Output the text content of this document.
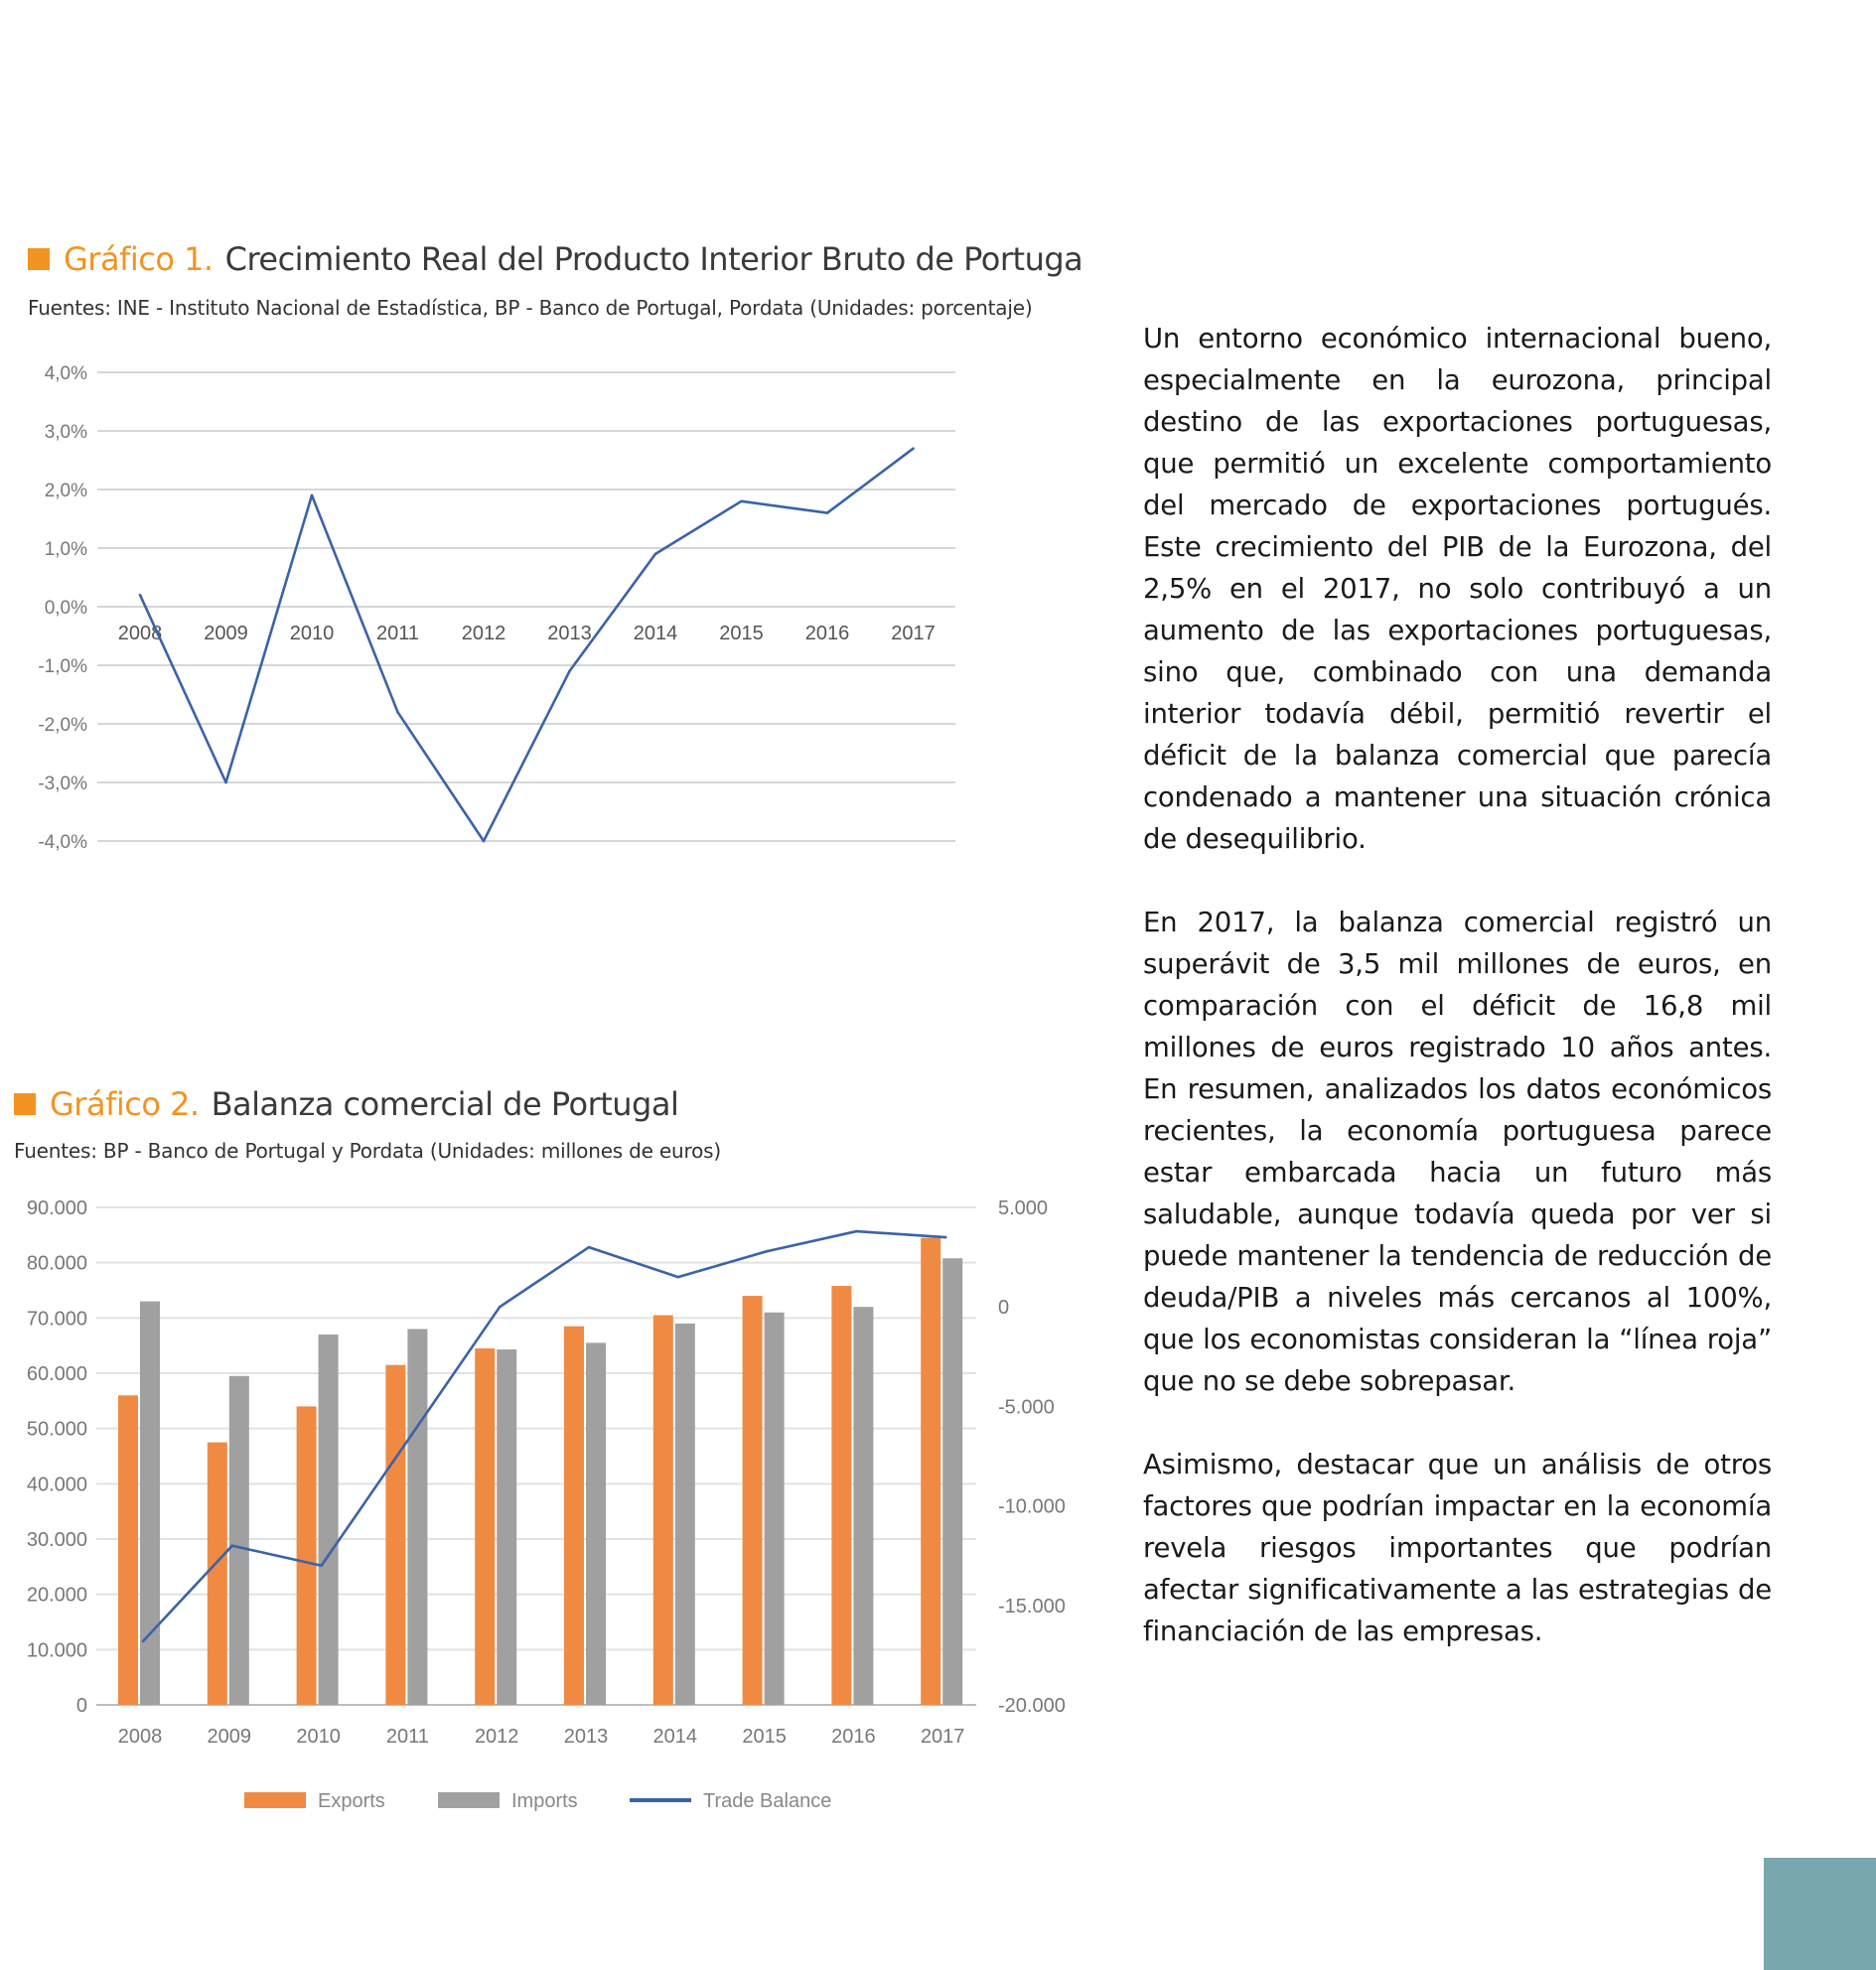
Gráfico 1. Crecimiento Real del Producto Interior Bruto de Portuga
Fuentes: INE - Instituto Nacional de Estadística, BP - Banco de Portugal, Pordata (Unidades: porcentaje)
4,0%
3,0%
2,0%
1,0%
0,0%
-1,0%
-2,0%
-3,0%
-4,0%
2008 2009 2010 2011 2012 2013 2014 2015 2016 2017
Gráfico 2. Balanza comercial de Portugal
Fuentes: BP - Banco de Portugal y Pordata (Unidades: millones de euros)
0
10.000
20.000
30.000
40.000
50.000
60.000
70.000
80.000
90.000	5.000
0
-5.000
-10.000
-15.000
-20.000
2008 2009 2010 2011 2012 2013 2014 2015 2016 2017
Exports	Imports	Trade Balance

Un entorno económico internacional bueno, especialmente en la eurozona, principal destino de las exportaciones portuguesas, que permitió un excelente comportamiento del mercado de exportaciones portugués. Este crecimiento del PIB de la Eurozona, del 2,5% en el 2017, no solo contribuyó a un aumento de las exportaciones portuguesas, sino que, combinado con una demanda interior todavía débil, permitió revertir el déficit de la balanza comercial que parecía condenado a mantener una situación crónica de desequilibrio.

En 2017, la balanza comercial registró un superávit de 3,5 mil millones de euros, en comparación con el déficit de 16,8 mil millones de euros registrado 10 años antes. En resumen, analizados los datos económicos recientes, la economía portuguesa parece estar embarcada hacia un futuro más saludable, aunque todavía queda por ver si puede mantener la tendencia de reducción de deuda/PIB a niveles más cercanos al 100%, que los economistas consideran la “línea roja” que no se debe sobrepasar.

Asimismo, destacar que un análisis de otros factores que podrían impactar en la economía revela riesgos importantes que podrían afectar significativamente a las estrategias de financiación de las empresas.
